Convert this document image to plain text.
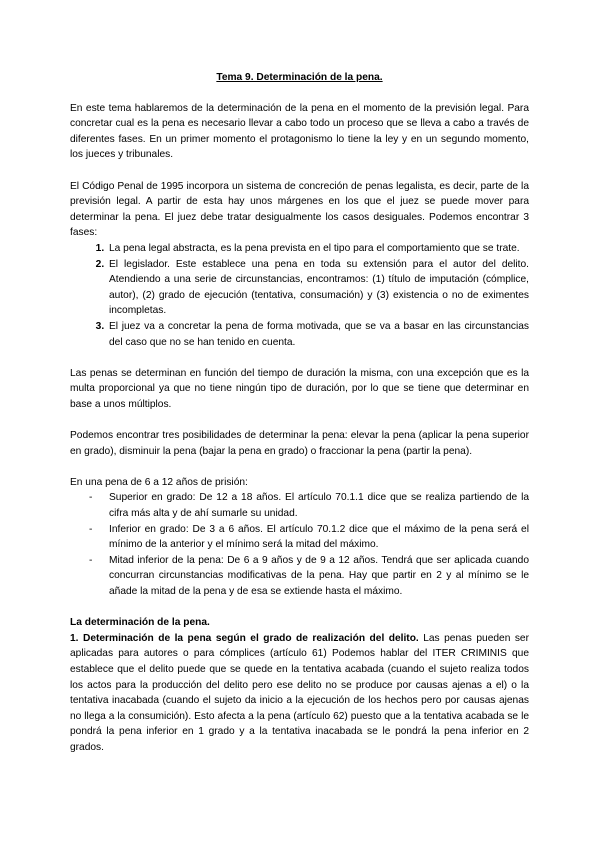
Tema 9. Determinación de la pena.

En este tema hablaremos de la determinación de la pena en el momento de la previsión legal. Para concretar cual es la pena es necesario llevar a cabo todo un proceso que se lleva a cabo a través de diferentes fases. En un primer momento el protagonismo lo tiene la ley y en un segundo momento, los jueces y tribunales.

El Código Penal de 1995 incorpora un sistema de concreción de penas legalista, es decir, parte de la previsión legal. A partir de esta hay unos márgenes en los que el juez se puede mover para determinar la pena. El juez debe tratar desigualmente los casos desiguales. Podemos encontrar 3 fases:

1. La pena legal abstracta, es la pena prevista en el tipo para el comportamiento que se trate.
2. El legislador. Este establece una pena en toda su extensión para el autor del delito. Atendiendo a una serie de circunstancias, encontramos: (1) título de imputación (cómplice, autor), (2) grado de ejecución (tentativa, consumación) y (3) existencia o no de eximentes incompletas.
3. El juez va a concretar la pena de forma motivada, que se va a basar en las circunstancias del caso que no se han tenido en cuenta.

Las penas se determinan en función del tiempo de duración la misma, con una excepción que es la multa proporcional ya que no tiene ningún tipo de duración, por lo que se tiene que determinar en base a unos múltiplos.

Podemos encontrar tres posibilidades de determinar la pena: elevar la pena (aplicar la pena superior en grado), disminuir la pena (bajar la pena en grado) o fraccionar la pena (partir la pena).

En una pena de 6 a 12 años de prisión:

- Superior en grado: De 12 a 18 años. El artículo 70.1.1 dice que se realiza partiendo de la cifra más alta y de ahí sumarle su unidad.
- Inferior en grado: De 3 a 6 años. El artículo 70.1.2 dice que el máximo de la pena será el mínimo de la anterior y el mínimo será la mitad del máximo.
- Mitad inferior de la pena: De 6 a 9 años y de 9 a 12 años. Tendrá que ser aplicada cuando concurran circunstancias modificativas de la pena. Hay que partir en 2 y al mínimo se le añade la mitad de la pena y de esa se extiende hasta el máximo.

La determinación de la pena.

1. Determinación de la pena según el grado de realización del delito. Las penas pueden ser aplicadas para autores o para cómplices (artículo 61) Podemos hablar del ITER CRIMINIS que establece que el delito puede que se quede en la tentativa acabada (cuando el sujeto realiza todos los actos para la producción del delito pero ese delito no se produce por causas ajenas a el) o la tentativa inacabada (cuando el sujeto da inicio a la ejecución de los hechos pero por causas ajenas no llega a la consumición). Esto afecta a la pena (artículo 62) puesto que a la tentativa acabada se le pondrá la pena inferior en 1 grado y a la tentativa inacabada se le pondrá la pena inferior en 2 grados.
